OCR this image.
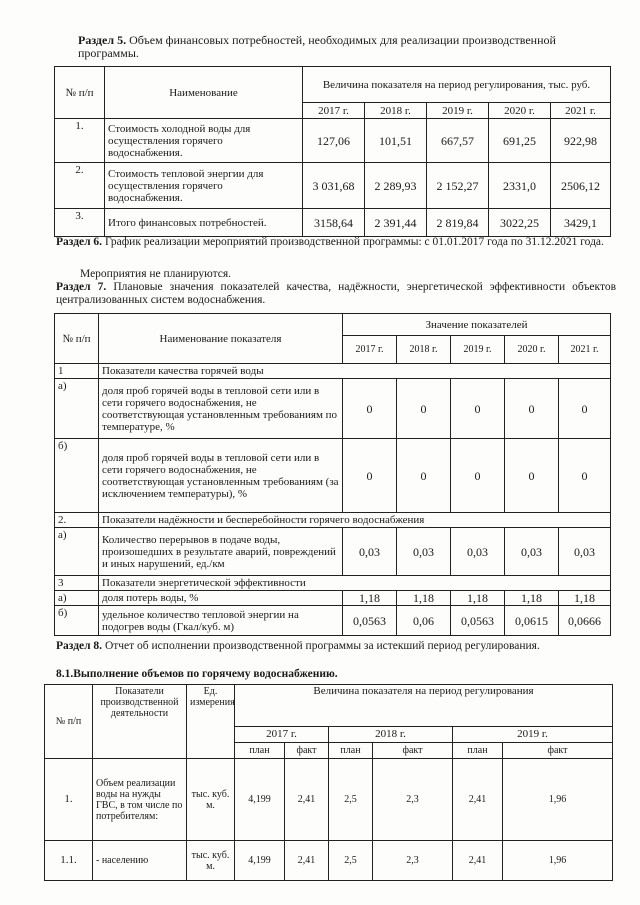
Раздел 5. Объем финансовых потребностей, необходимых для реализации производственной программы.
№ п/п	Наименование	Величина показателя на период регулирования, тыс. руб.				
		2017 г.	2018 г.	2019 г.	2020 г.	2021 г.
1.	Стоимость холодной воды для осуществления горячего водоснабжения.	127,06	101,51	667,57	691,25	922,98
2.	Стоимость тепловой энергии для осуществления горячего водоснабжения.	3 031,68	2 289,93	2 152,27	2331,0	2506,12
3.	Итого финансовых потребностей.	3158,64	2 391,44	2 819,84	3022,25	3429,1
Раздел 6. График реализации мероприятий производственной программы: с 01.01.2017 года по 31.12.2021 года.
Мероприятия не планируются.
Раздел 7. Плановые значения показателей качества, надёжности, энергетической эффективности объектов централизованных систем водоснабжения.
№ п/п	Наименование показателя	Значение показателей				
		2017 г.	2018 г.	2019 г.	2020 г.	2021 г.
1	Показатели качества горячей воды					
а)	доля проб горячей воды в тепловой сети или в сети горячего водоснабжения, не соответствующая установленным требованиям по температуре, %	0	0	0	0	0
б)	доля проб горячей воды в тепловой сети или в сети горячего водоснабжения, не соответствующая установленным требованиям (за исключением температуры), %	0	0	0	0	0
2.	Показатели надёжности и бесперебойности горячего водоснабжения					
а)	Количество перерывов в подаче воды, произошедших в результате аварий, повреждений и иных нарушений, ед./км	0,03	0,03	0,03	0,03	0,03
3	Показатели энергетической эффективности					
а)	доля потерь воды, %	1,18	1,18	1,18	1,18	1,18
б)	удельное количество тепловой энергии на подогрев воды (Гкал/куб. м)	0,0563	0,06	0,0563	0,0615	0,0666
Раздел 8. Отчет об исполнении производственной программы за истекший период регулирования.
8.1.Выполнение объемов по горячему водоснабжению.
№ п/п	Показатели производственной деятельности	Ед. измерения	Величина показателя на период регулирования					
			2017 г.		2018 г.		2019 г.	
			план	факт	план	факт	план	факт
1.	Объем реализации воды на нужды ГВС, в том числе по потребителям:	тыс. куб. м.	4,199	2,41	2,5	2,3	2,41	1,96
1.1.	- населению	тыс. куб. м.	4,199	2,41	2,5	2,3	2,41	1,96
